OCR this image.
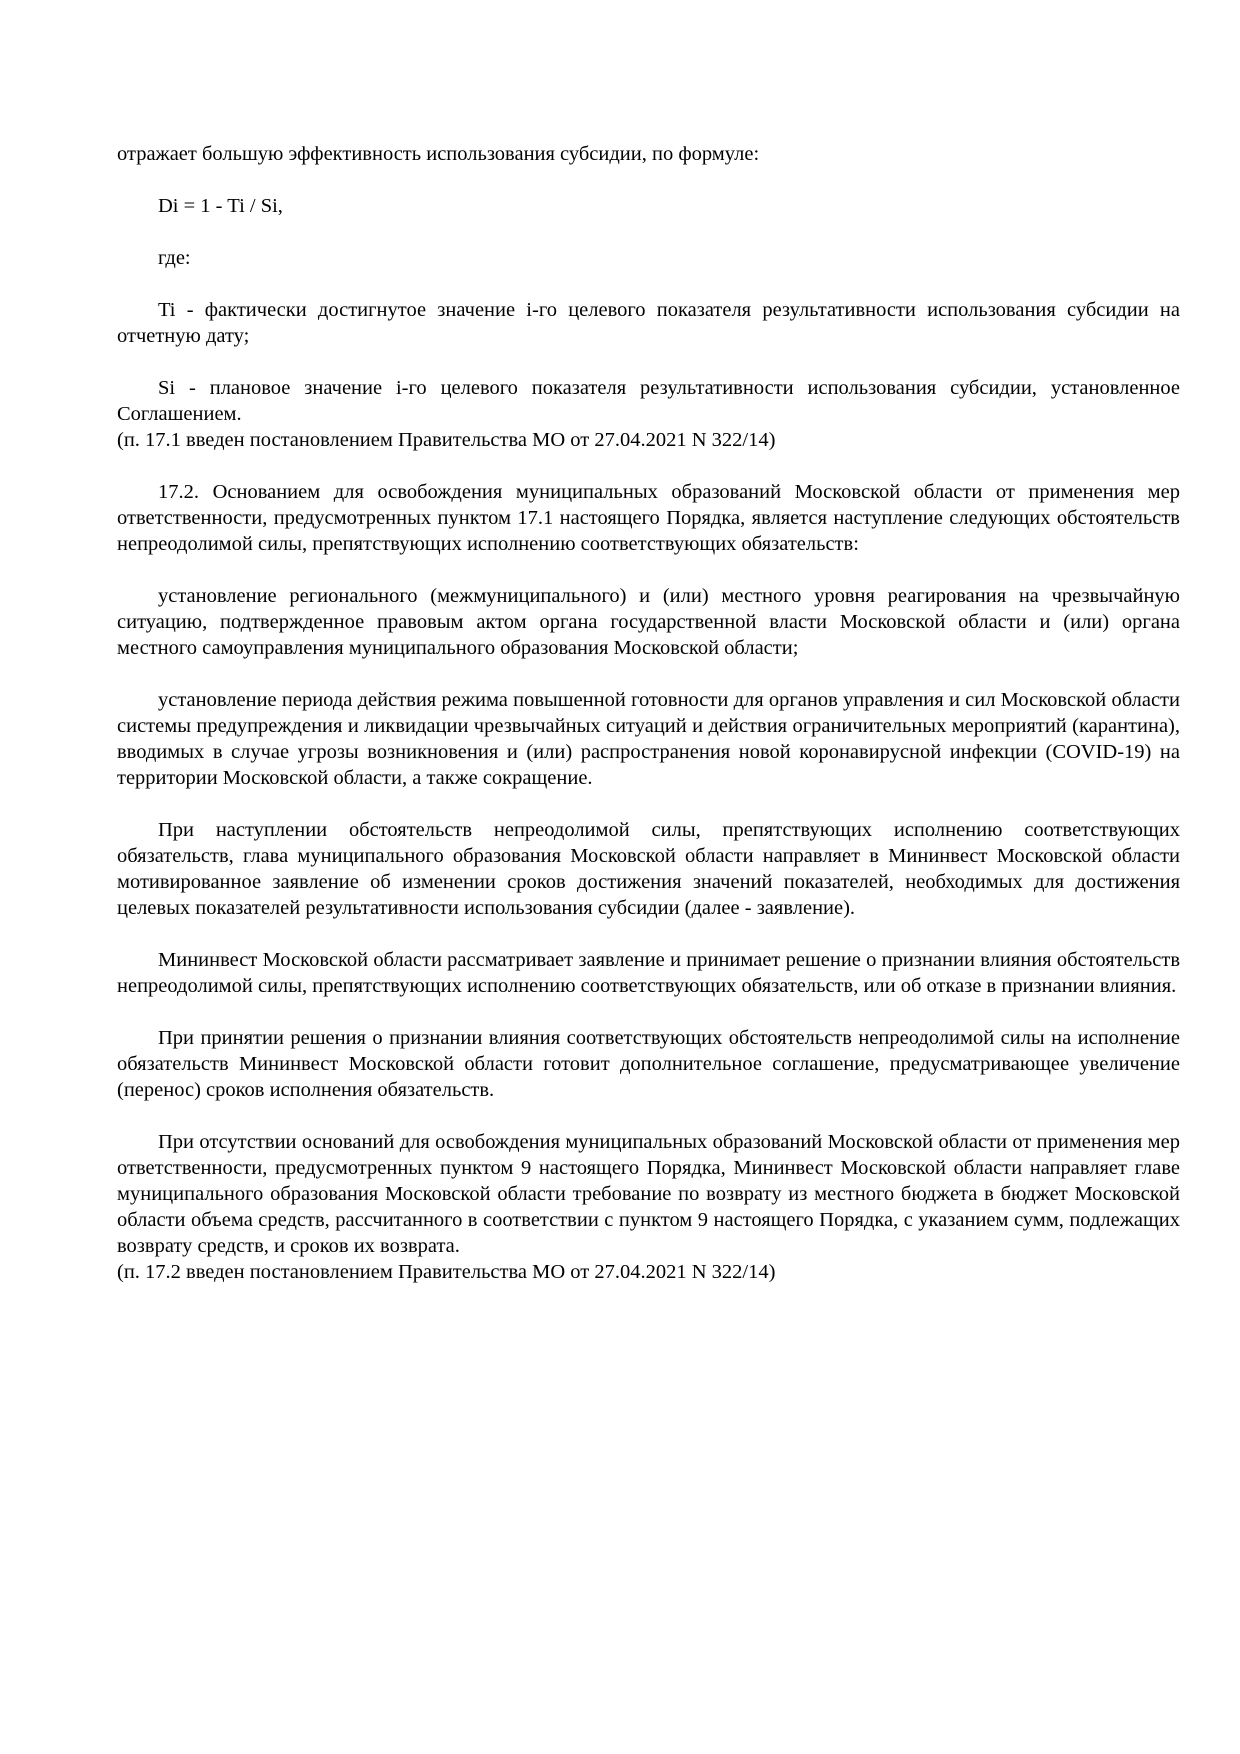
отражает большую эффективность использования субсидии, по формуле:

Di = 1 - Ti / Si,

где:

Ti - фактически достигнутое значение i-го целевого показателя результативности использования субсидии на отчетную дату;

Si - плановое значение i-го целевого показателя результативности использования субсидии, установленное Соглашением.

(п. 17.1 введен постановлением Правительства МО от 27.04.2021 N 322/14)

17.2. Основанием для освобождения муниципальных образований Московской области от применения мер ответственности, предусмотренных пунктом 17.1 настоящего Порядка, является наступление следующих обстоятельств непреодолимой силы, препятствующих исполнению соответствующих обязательств:

установление регионального (межмуниципального) и (или) местного уровня реагирования на чрезвычайную ситуацию, подтвержденное правовым актом органа государственной власти Московской области и (или) органа местного самоуправления муниципального образования Московской области;

установление периода действия режима повышенной готовности для органов управления и сил Московской области системы предупреждения и ликвидации чрезвычайных ситуаций и действия ограничительных мероприятий (карантина), вводимых в случае угрозы возникновения и (или) распространения новой коронавирусной инфекции (COVID-19) на территории Московской области, а также сокращение.

При наступлении обстоятельств непреодолимой силы, препятствующих исполнению соответствующих обязательств, глава муниципального образования Московской области направляет в Мининвест Московской области мотивированное заявление об изменении сроков достижения значений показателей, необходимых для достижения целевых показателей результативности использования субсидии (далее - заявление).

Мининвест Московской области рассматривает заявление и принимает решение о признании влияния обстоятельств непреодолимой силы, препятствующих исполнению соответствующих обязательств, или об отказе в признании влияния.

При принятии решения о признании влияния соответствующих обстоятельств непреодолимой силы на исполнение обязательств Мининвест Московской области готовит дополнительное соглашение, предусматривающее увеличение (перенос) сроков исполнения обязательств.

При отсутствии оснований для освобождения муниципальных образований Московской области от применения мер ответственности, предусмотренных пунктом 9 настоящего Порядка, Мининвест Московской области направляет главе муниципального образования Московской области требование по возврату из местного бюджета в бюджет Московской области объема средств, рассчитанного в соответствии с пунктом 9 настоящего Порядка, с указанием сумм, подлежащих возврату средств, и сроков их возврата.

(п. 17.2 введен постановлением Правительства МО от 27.04.2021 N 322/14)
